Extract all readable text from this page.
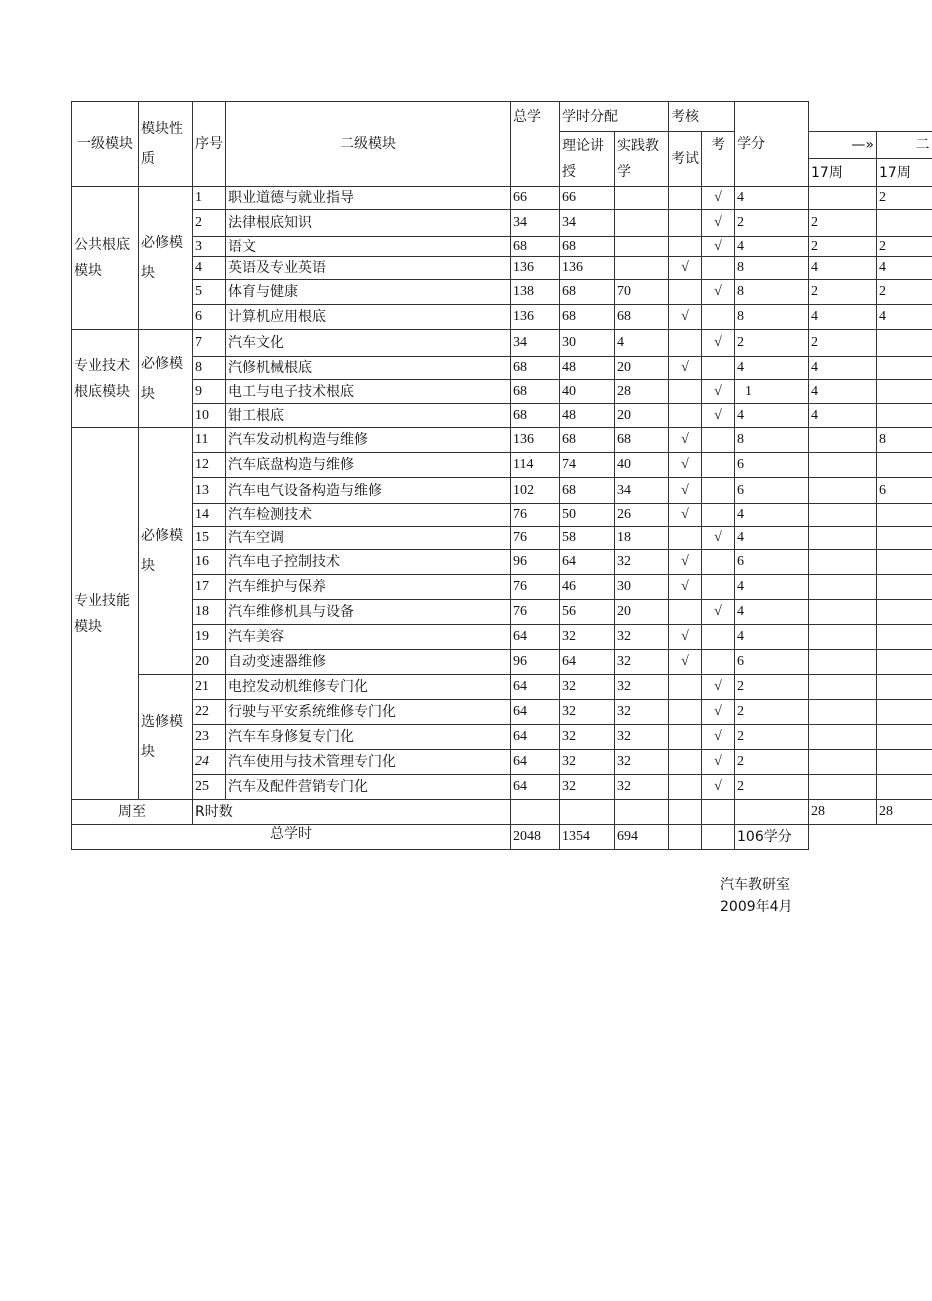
一级模块	模块性质	序号	二级模块	总学	学时分配		考核		学分		
					理论讲授	实践教学	考试	考		—»	二
										17周	17周
公共根底模块	必修模块	1	职业道德与就业指导	66	66			√	4		2
		2	法律根底知识	34	34			√	2	2	
		3	语文	68	68			√	4	2	2
		4	英语及专业英语	136	136		√		8	4	4
		5	体育与健康	138	68	70		√	8	2	2
		6	计算机应用根底	136	68	68	√		8	4	4
专业技术根底模块	必修模块	7	汽车文化	34	30	4		√	2	2	
		8	汽修机械根底	68	48	20	√		4	4	
		9	电工与电子技术根底	68	40	28		√	1	4	
		10	钳工根底	68	48	20		√	4	4	
专业技能模块	必修模块	11	汽车发动机构造与维修	136	68	68	√		8		8
		12	汽车底盘构造与维修	114	74	40	√		6		
		13	汽车电气设备构造与维修	102	68	34	√		6		6
		14	汽车检测技术	76	50	26	√		4		
		15	汽车空调	76	58	18		√	4		
		16	汽车电子控制技术	96	64	32	√		6		
		17	汽车维护与保养	76	46	30	√		4		
		18	汽车维修机具与设备	76	56	20		√	4		
		19	汽车美容	64	32	32	√		4		
		20	自动变速器维修	96	64	32	√		6		
	选修模块	21	电控发动机维修专门化	64	32	32		√	2		
		22	行驶与平安系统维修专门化	64	32	32		√	2		
		23	汽车车身修复专门化	64	32	32		√	2		
		24	汽车使用与技术管理专门化	64	32	32		√	2		
		25	汽车及配件营销专门化	64	32	32		√	2		
周至		R时数								28	28
总学时				2048	1354	694			106学分		
汽车教研室
2009年4月
